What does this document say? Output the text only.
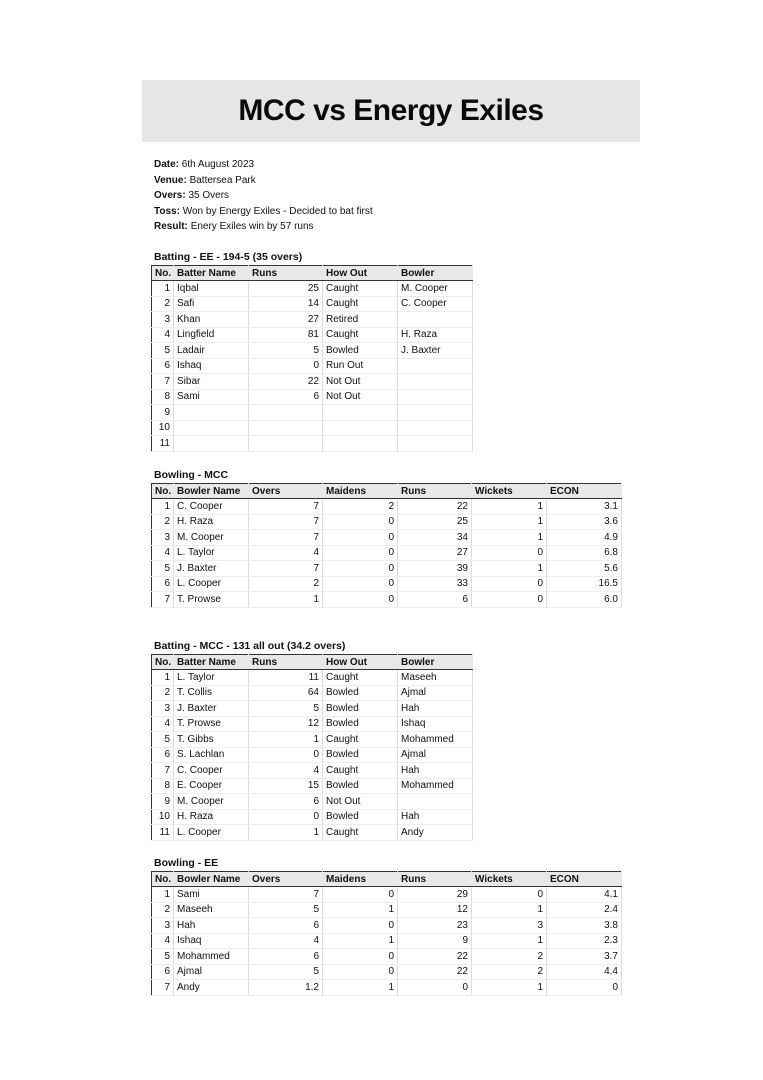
MCC vs Energy Exiles
Date: 6th August 2023
Venue: Battersea Park
Overs: 35 Overs
Toss: Won by Energy Exiles - Decided to bat first
Result: Enery Exiles win by 57 runs
Batting - EE - 194-5 (35 overs)
No.	Batter Name	Runs	How Out	Bowler
1	Iqbal	25	Caught	M. Cooper
2	Safi	14	Caught	C. Cooper
3	Khan	27	Retired	
4	Lingfield	81	Caught	H. Raza
5	Ladair	5	Bowled	J. Baxter
6	Ishaq	0	Run Out	
7	Sibar	22	Not Out	
8	Sami	6	Not Out	
9				
10				
11				
Bowling - MCC
No.	Bowler Name	Overs	Maidens	Runs	Wickets	ECON
1	C. Cooper	7	2	22	1	3.1
2	H. Raza	7	0	25	1	3.6
3	M. Cooper	7	0	34	1	4.9
4	L. Taylor	4	0	27	0	6.8
5	J. Baxter	7	0	39	1	5.6
6	L. Cooper	2	0	33	0	16.5
7	T. Prowse	1	0	6	0	6.0
Batting - MCC - 131 all out (34.2 overs)
No.	Batter Name	Runs	How Out	Bowler
1	L. Taylor	11	Caught	Maseeh
2	T. Collis	64	Bowled	Ajmal
3	J. Baxter	5	Bowled	Hah
4	T. Prowse	12	Bowled	Ishaq
5	T. Gibbs	1	Caught	Mohammed
6	S. Lachlan	0	Bowled	Ajmal
7	C. Cooper	4	Caught	Hah
8	E. Cooper	15	Bowled	Mohammed
9	M. Cooper	6	Not Out	
10	H. Raza	0	Bowled	Hah
11	L. Cooper	1	Caught	Andy
Bowling - EE
No.	Bowler Name	Overs	Maidens	Runs	Wickets	ECON
1	Sami	7	0	29	0	4.1
2	Maseeh	5	1	12	1	2.4
3	Hah	6	0	23	3	3.8
4	Ishaq	4	1	9	1	2.3
5	Mohammed	6	0	22	2	3.7
6	Ajmal	5	0	22	2	4.4
7	Andy	1.2	1	0	1	0
